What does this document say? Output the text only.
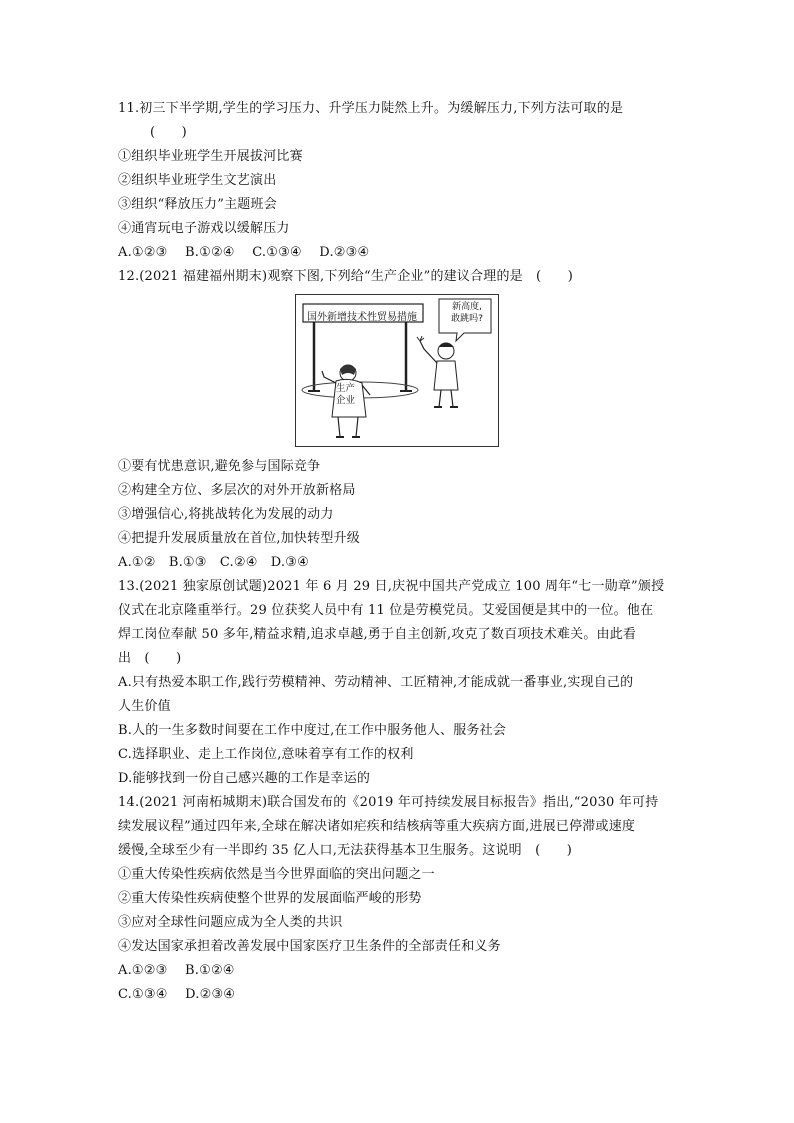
11.初三下半学期,学生的学习压力、升学压力陡然上升。为缓解压力,下列方法可取的是
(　　)
①组织毕业班学生开展拔河比赛
②组织毕业班学生文艺演出
③组织“释放压力”主题班会
④通宵玩电子游戏以缓解压力
A.①②③　 B.①②④　 C.①③④　 D.②③④
12.(2021 福建福州期末)观察下图,下列给“生产企业”的建议合理的是　(　　)
国外新增技术性贸易措施
新高度,
敢跳吗?
生产
企业
①要有忧患意识,避免参与国际竞争
②构建全方位、多层次的对外开放新格局
③增强信心,将挑战转化为发展的动力
④把提升发展质量放在首位,加快转型升级
A.①②　B.①③　C.②④　D.③④
13.(2021 独家原创试题)2021 年 6 月 29 日,庆祝中国共产党成立 100 周年“七一勋章”颁授
仪式在北京隆重举行。29 位获奖人员中有 11 位是劳模党员。艾爱国便是其中的一位。他在
焊工岗位奉献 50 多年,精益求精,追求卓越,勇于自主创新,攻克了数百项技术难关。由此看
出　(　　)
A.只有热爱本职工作,践行劳模精神、劳动精神、工匠精神,才能成就一番事业,实现自己的
人生价值
B.人的一生多数时间要在工作中度过,在工作中服务他人、服务社会
C.选择职业、走上工作岗位,意味着享有工作的权利
D.能够找到一份自己感兴趣的工作是幸运的
14.(2021 河南柘城期末)联合国发布的《2019 年可持续发展目标报告》指出,“2030 年可持
续发展议程”通过四年来,全球在解决诸如疟疾和结核病等重大疾病方面,进展已停滞或速度
缓慢,全球至少有一半即约 35 亿人口,无法获得基本卫生服务。这说明　(　　)
①重大传染性疾病依然是当今世界面临的突出问题之一
②重大传染性疾病使整个世界的发展面临严峻的形势
③应对全球性问题应成为全人类的共识
④发达国家承担着改善发展中国家医疗卫生条件的全部责任和义务
A.①②③　 B.①②④
C.①③④　 D.②③④
